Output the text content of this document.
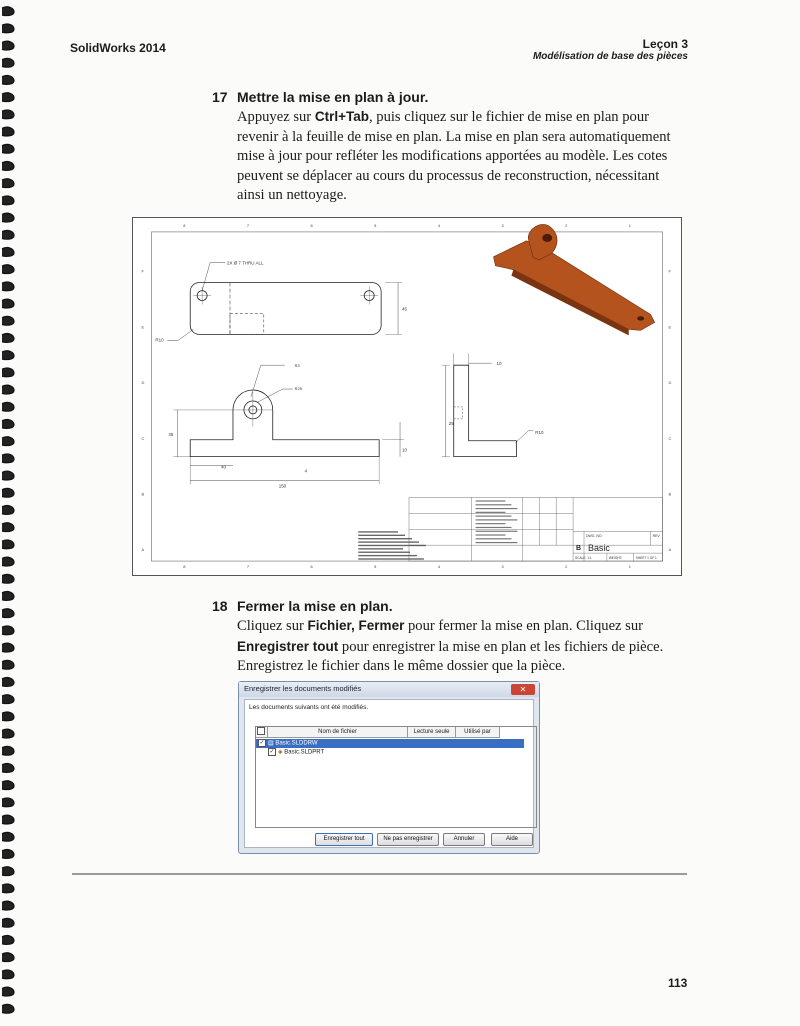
SolidWorks 2014	Leçon 3
Modélisation de base des pièces
17 Mettre la mise en plan à jour.
Appuyez sur Ctrl+Tab, puis cliquez sur le fichier de mise en plan pour revenir à la feuille de mise en plan. La mise en plan sera automatiquement mise à jour pour refléter les modifications apportées au modèle. Les cotes peuvent se déplacer au cours du processus de reconstruction, nécessitant ainsi un nettoyage.
8
8
7
7
6
6
5
5
4
4
3
3
2
2
1
1
F	F
E	E
D	D
C	C
B	B
A	A
2X Ø 7 THRU ALL
45
R10
R3
R25
35
10
40
4
150
10
R10
25
B
DWG. NO.	REV
Basic
SCALE: 1:1	WEIGHT:	SHEET 1 OF 1
18 Fermer la mise en plan.
Cliquez sur Fichier, Fermer pour fermer la mise en plan. Cliquez sur Enregistrer tout pour enregistrer la mise en plan et les fichiers de pièce. Enregistrez le fichier dans le même dossier que la pièce.
Enregistrer les documents modifiés	✕
Les documents suivants ont été modifiés.
Nom de fichier	Lecture seule	Utilisé par
✓ ▤ Basic.SLDDRW
✓ ◈ Basic.SLDPRT
Enregistrer tout	Ne pas enregistrer	Annuler	Aide
113
